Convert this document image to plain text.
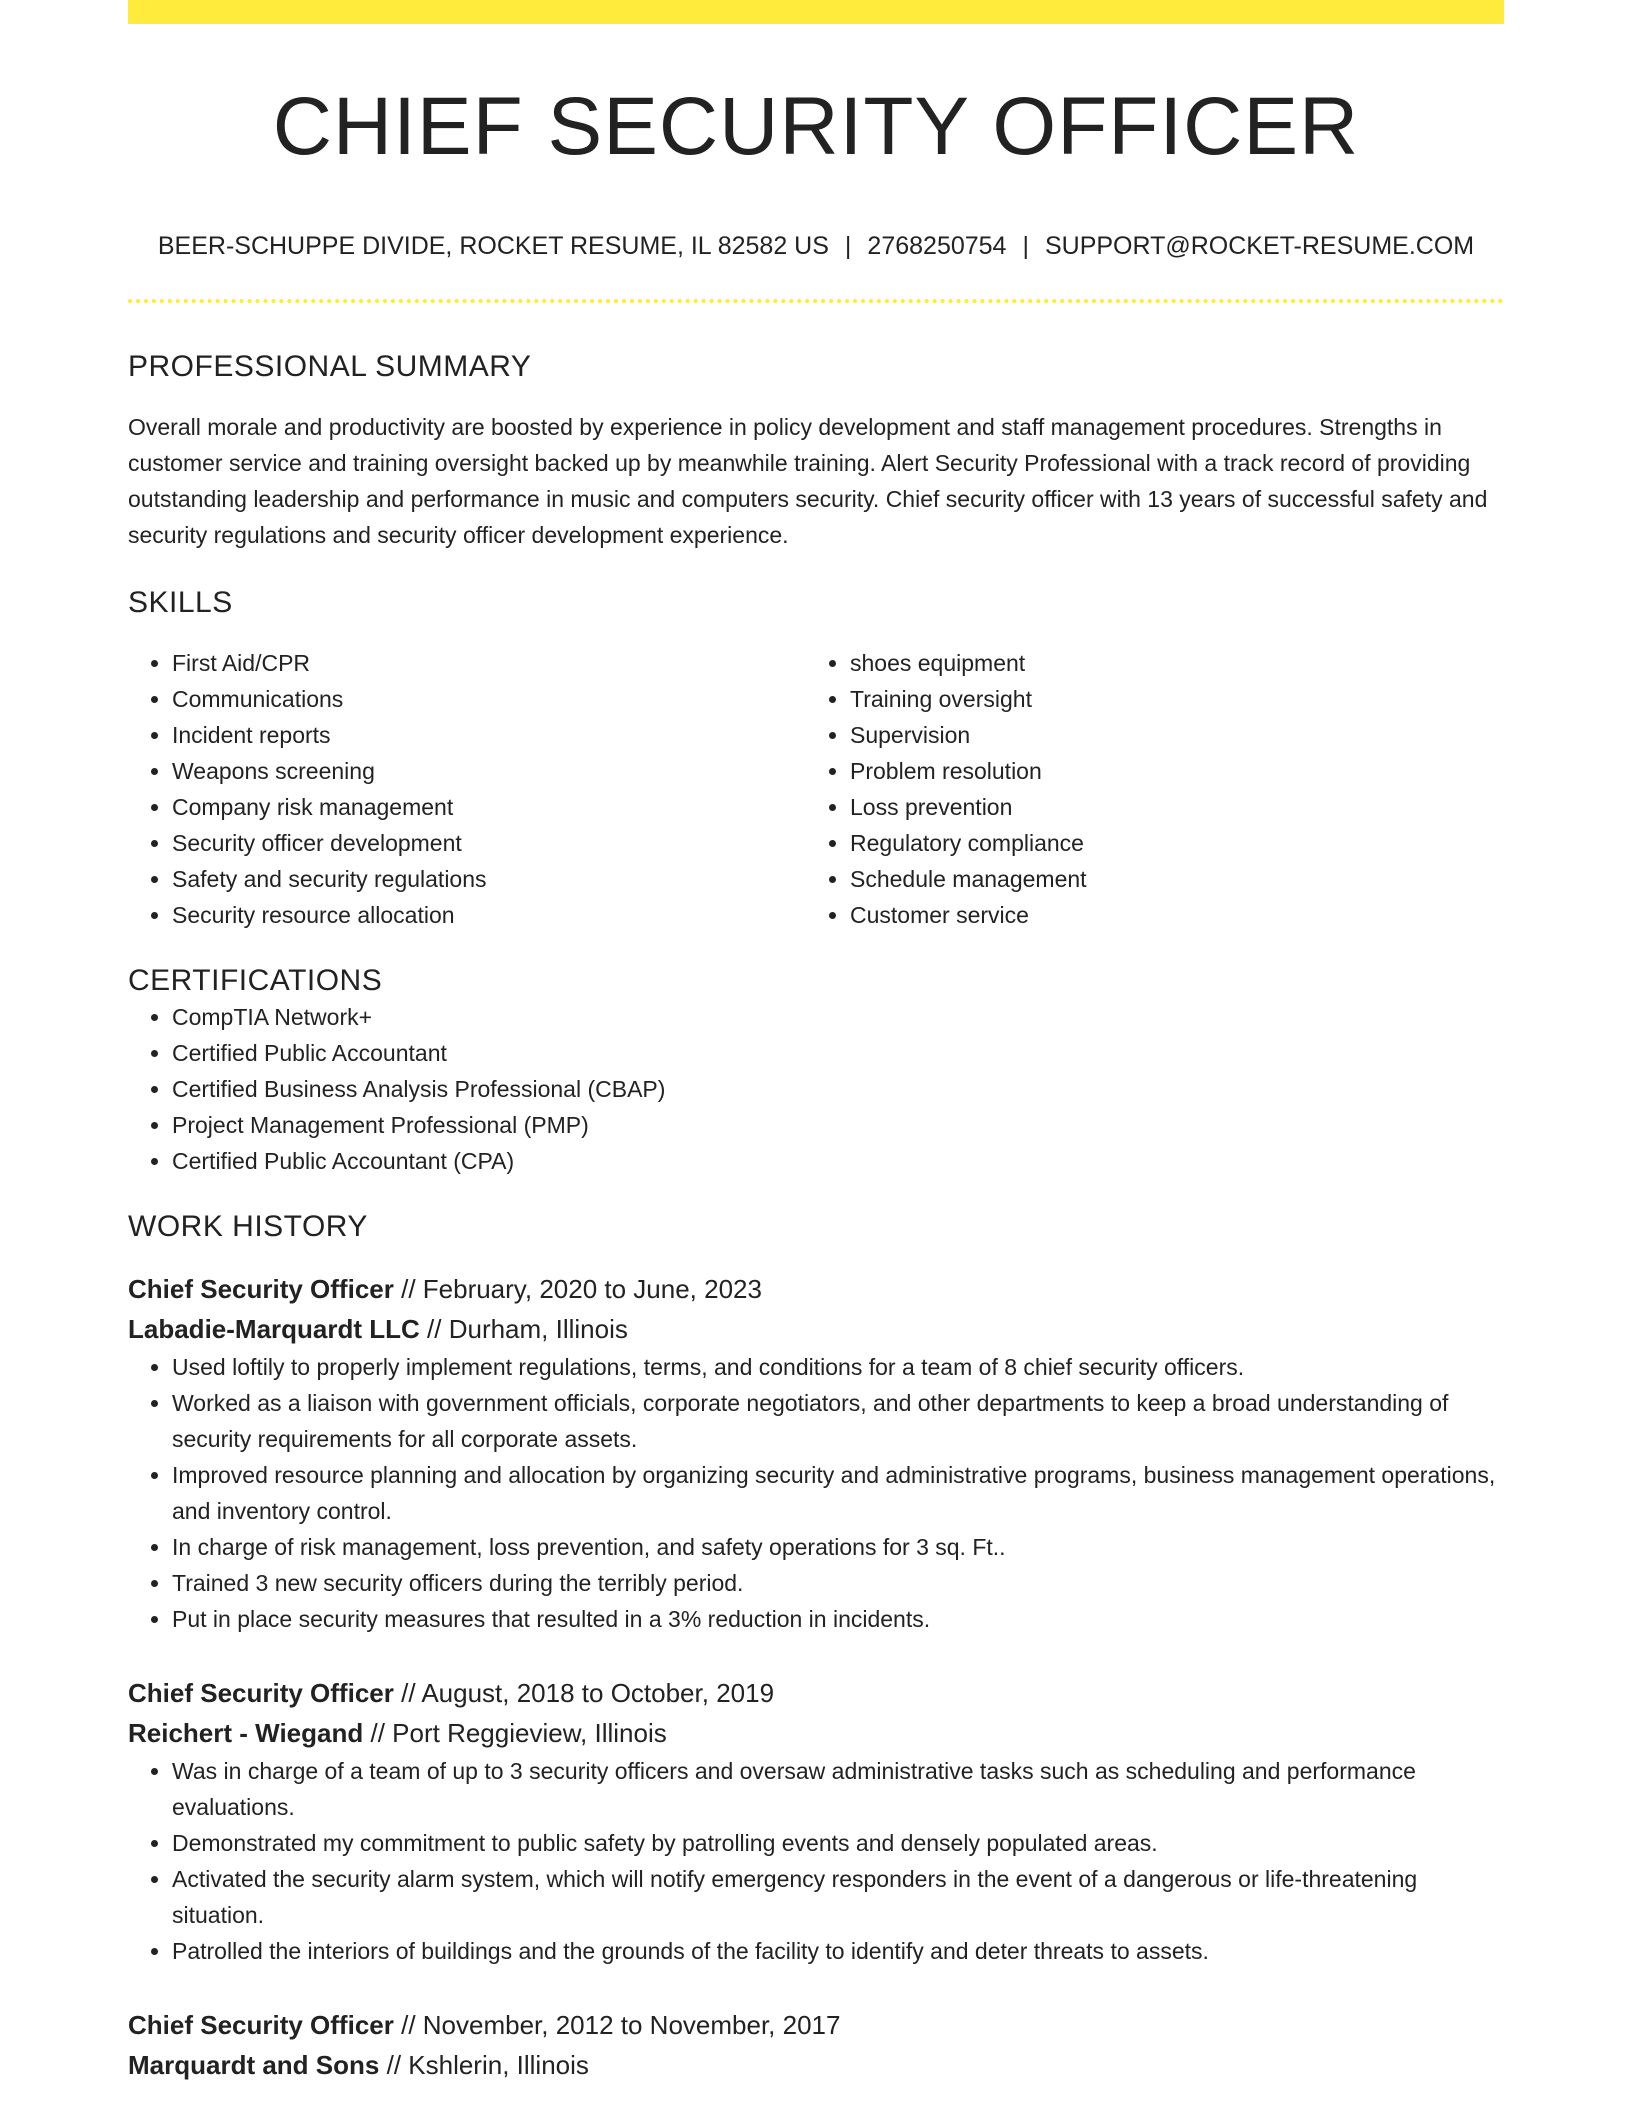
CHIEF SECURITY OFFICER
BEER-SCHUPPE DIVIDE, ROCKET RESUME, IL 82582 US | 2768250754 | SUPPORT@ROCKET-RESUME.COM
PROFESSIONAL SUMMARY

Overall morale and productivity are boosted by experience in policy development and staff management procedures. Strengths in customer service and training oversight backed up by meanwhile training. Alert Security Professional with a track record of providing outstanding leadership and performance in music and computers security. Chief security officer with 13 years of successful safety and security regulations and security officer development experience.

SKILLS
• First Aid/CPR
• Communications
• Incident reports
• Weapons screening
• Company risk management
• Security officer development
• Safety and security regulations
• Security resource allocation
• shoes equipment
• Training oversight
• Supervision
• Problem resolution
• Loss prevention
• Regulatory compliance
• Schedule management
• Customer service
CERTIFICATIONS
• CompTIA Network+
• Certified Public Accountant
• Certified Business Analysis Professional (CBAP)
• Project Management Professional (PMP)
• Certified Public Accountant (CPA)
WORK HISTORY
Chief Security Officer // February, 2020 to June, 2023
Labadie-Marquardt LLC // Durham, Illinois
• Used loftily to properly implement regulations, terms, and conditions for a team of 8 chief security officers.
• Worked as a liaison with government officials, corporate negotiators, and other departments to keep a broad understanding of security requirements for all corporate assets.
• Improved resource planning and allocation by organizing security and administrative programs, business management operations, and inventory control.
• In charge of risk management, loss prevention, and safety operations for 3 sq. Ft..
• Trained 3 new security officers during the terribly period.
• Put in place security measures that resulted in a 3% reduction in incidents.
Chief Security Officer // August, 2018 to October, 2019
Reichert - Wiegand // Port Reggieview, Illinois
• Was in charge of a team of up to 3 security officers and oversaw administrative tasks such as scheduling and performance evaluations.
• Demonstrated my commitment to public safety by patrolling events and densely populated areas.
• Activated the security alarm system, which will notify emergency responders in the event of a dangerous or life-threatening situation.
• Patrolled the interiors of buildings and the grounds of the facility to identify and deter threats to assets.
Chief Security Officer // November, 2012 to November, 2017
Marquardt and Sons // Kshlerin, Illinois
